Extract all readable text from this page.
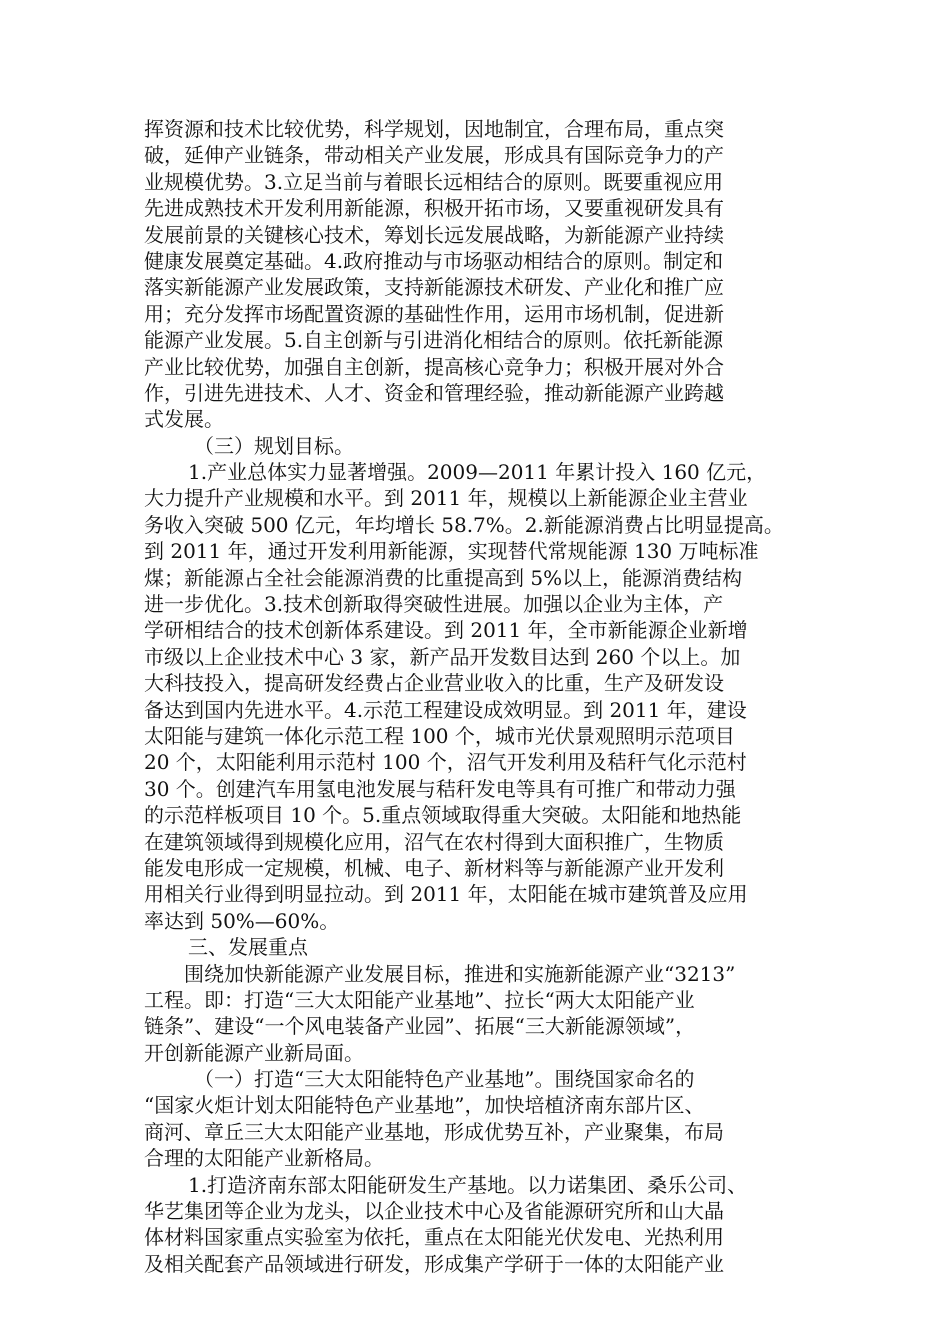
挥资源和技术比较优势，科学规划，因地制宜，合理布局，重点突
破，延伸产业链条，带动相关产业发展，形成具有国际竞争力的产
业规模优势。3.立足当前与着眼长远相结合的原则。既要重视应用
先进成熟技术开发利用新能源，积极开拓市场，又要重视研发具有
发展前景的关键核心技术，筹划长远发展战略，为新能源产业持续
健康发展奠定基础。4.政府推动与市场驱动相结合的原则。制定和
落实新能源产业发展政策，支持新能源技术研发、产业化和推广应
用；充分发挥市场配置资源的基础性作用，运用市场机制，促进新
能源产业发展。5.自主创新与引进消化相结合的原则。依托新能源
产业比较优势，加强自主创新，提高核心竞争力；积极开展对外合
作，引进先进技术、人才、资金和管理经验，推动新能源产业跨越
式发展。
（三）规划目标。
1.产业总体实力显著增强。2009—2011 年累计投入 160 亿元，
大力提升产业规模和水平。到 2011 年，规模以上新能源企业主营业
务收入突破 500 亿元，年均增长 58.7%。2.新能源消费占比明显提高。
到 2011 年，通过开发利用新能源，实现替代常规能源 130 万吨标准
煤；新能源占全社会能源消费的比重提高到 5%以上，能源消费结构
进一步优化。3.技术创新取得突破性进展。加强以企业为主体，产
学研相结合的技术创新体系建设。到 2011 年，全市新能源企业新增
市级以上企业技术中心 3 家，新产品开发数目达到 260 个以上。加
大科技投入，提高研发经费占企业营业收入的比重，生产及研发设
备达到国内先进水平。4.示范工程建设成效明显。到 2011 年，建设
太阳能与建筑一体化示范工程 100 个，城市光伏景观照明示范项目
20 个，太阳能利用示范村 100 个，沼气开发利用及秸秆气化示范村
30 个。创建汽车用氢电池发展与秸秆发电等具有可推广和带动力强
的示范样板项目 10 个。5.重点领域取得重大突破。太阳能和地热能
在建筑领域得到规模化应用，沼气在农村得到大面积推广，生物质
能发电形成一定规模，机械、电子、新材料等与新能源产业开发利
用相关行业得到明显拉动。到 2011 年，太阳能在城市建筑普及应用
率达到 50%—60%。
三、发展重点
围绕加快新能源产业发展目标，推进和实施新能源产业“3213”
工程。即：打造“三大太阳能产业基地”、拉长“两大太阳能产业
链条”、建设“一个风电装备产业园”、拓展“三大新能源领域”，
开创新能源产业新局面。
（一）打造“三大太阳能特色产业基地”。围绕国家命名的
“国家火炬计划太阳能特色产业基地”，加快培植济南东部片区、
商河、章丘三大太阳能产业基地，形成优势互补，产业聚集，布局
合理的太阳能产业新格局。
1.打造济南东部太阳能研发生产基地。以力诺集团、桑乐公司、
华艺集团等企业为龙头，以企业技术中心及省能源研究所和山大晶
体材料国家重点实验室为依托，重点在太阳能光伏发电、光热利用
及相关配套产品领域进行研发，形成集产学研于一体的太阳能产业
